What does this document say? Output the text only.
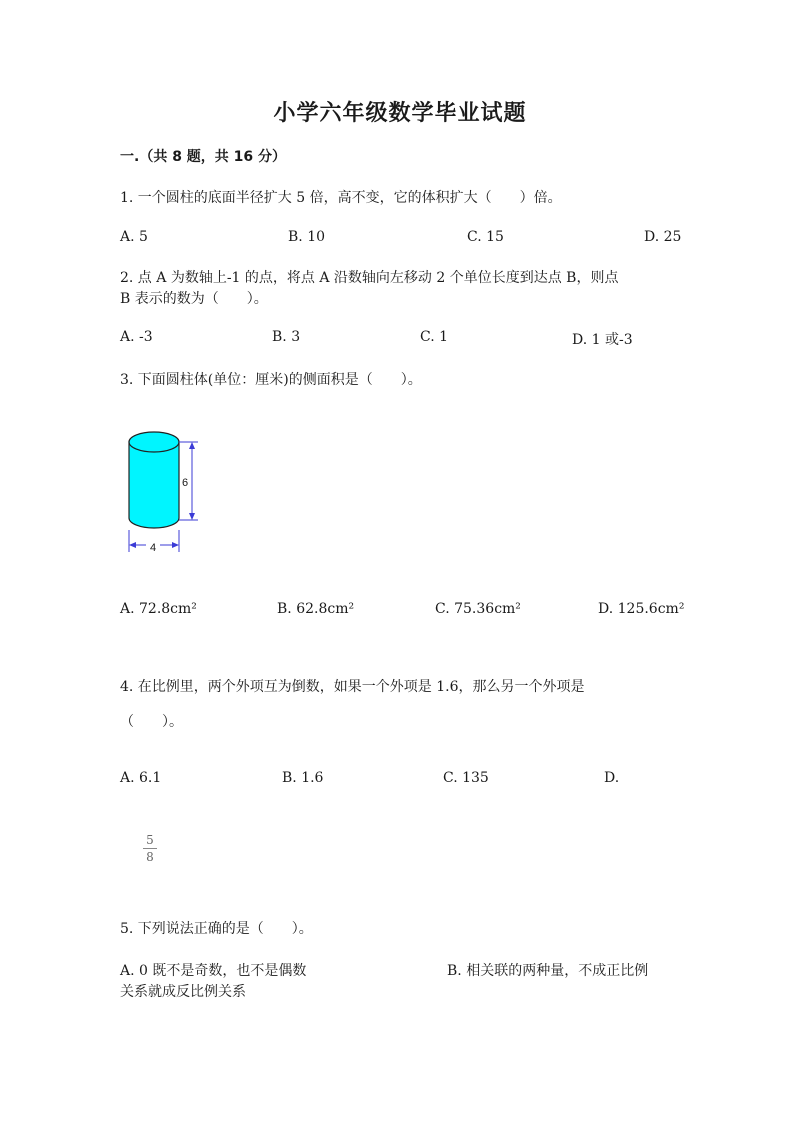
小学六年级数学毕业试题
一.（共 8 题，共 16 分）
1. 一个圆柱的底面半径扩大 5 倍，高不变，它的体积扩大（　　）倍。
A. 5	B. 10	C. 15	D. 25
2. 点 A 为数轴上-1 的点，将点 A 沿数轴向左移动 2 个单位长度到达点 B，则点
B 表示的数为（　　）。
A. -3	B. 3	C. 1	D. 1 或-3
3. 下面圆柱体(单位：厘米)的侧面积是（　　）。
6
4
A. 72.8cm²	B. 62.8cm²	C. 75.36cm²	D. 125.6cm²
4. 在比例里，两个外项互为倒数，如果一个外项是 1.6，那么另一个外项是
（　　）。
A. 6.1	B. 1.6	C. 135	D.
5
8
5. 下列说法正确的是（　　）。
A. 0 既不是奇数，也不是偶数	B. 相关联的两种量，不成正比例
关系就成反比例关系
